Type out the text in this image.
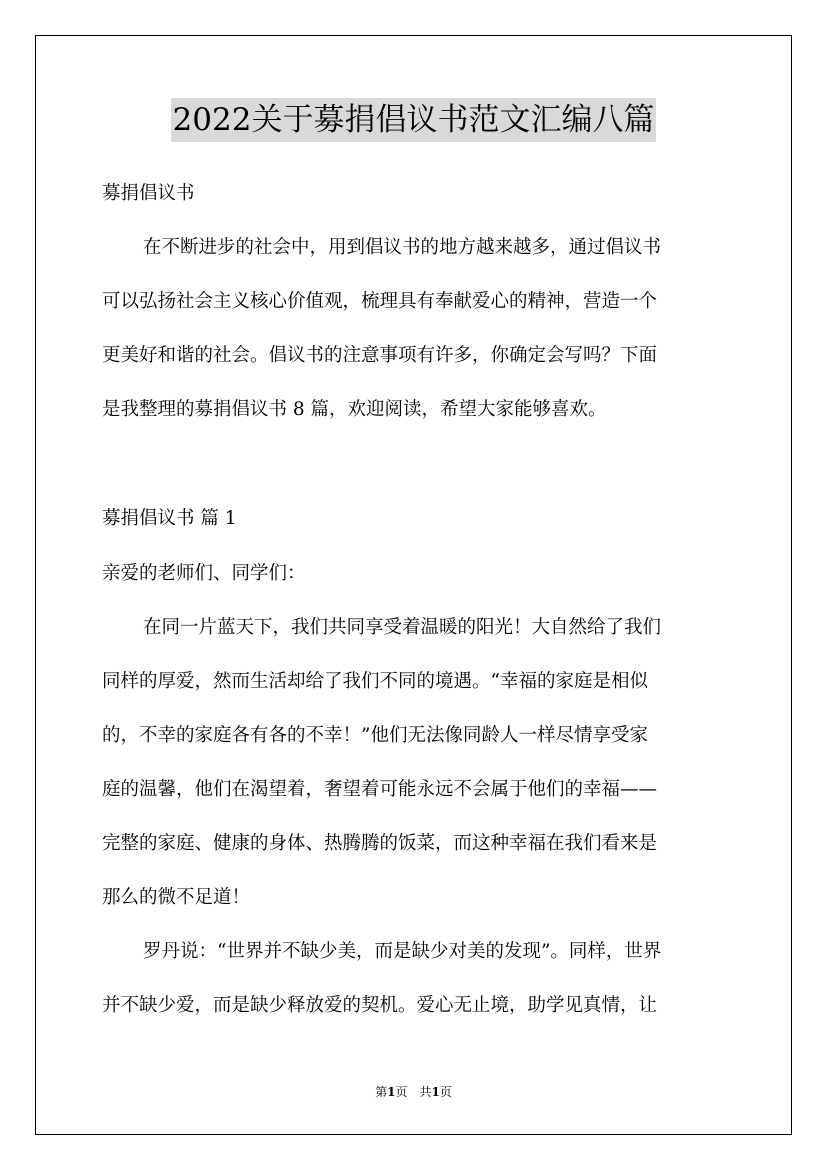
2022关于募捐倡议书范文汇编八篇
募捐倡议书
在不断进步的社会中，用到倡议书的地方越来越多，通过倡议书
可以弘扬社会主义核心价值观，梳理具有奉献爱心的精神，营造一个
更美好和谐的社会。倡议书的注意事项有许多，你确定会写吗？下面
是我整理的募捐倡议书 8 篇，欢迎阅读，希望大家能够喜欢。
募捐倡议书 篇 1
亲爱的老师们、同学们：
在同一片蓝天下，我们共同享受着温暖的阳光！大自然给了我们
同样的厚爱，然而生活却给了我们不同的境遇。“幸福的家庭是相似
的，不幸的家庭各有各的不幸！”他们无法像同龄人一样尽情享受家
庭的温馨，他们在渴望着，奢望着可能永远不会属于他们的幸福——
完整的家庭、健康的身体、热腾腾的饭菜，而这种幸福在我们看来是
那么的微不足道！
罗丹说：“世界并不缺少美，而是缺少对美的发现”。同样，世界
并不缺少爱，而是缺少释放爱的契机。爱心无止境，助学见真情，让
第1页　共1页
